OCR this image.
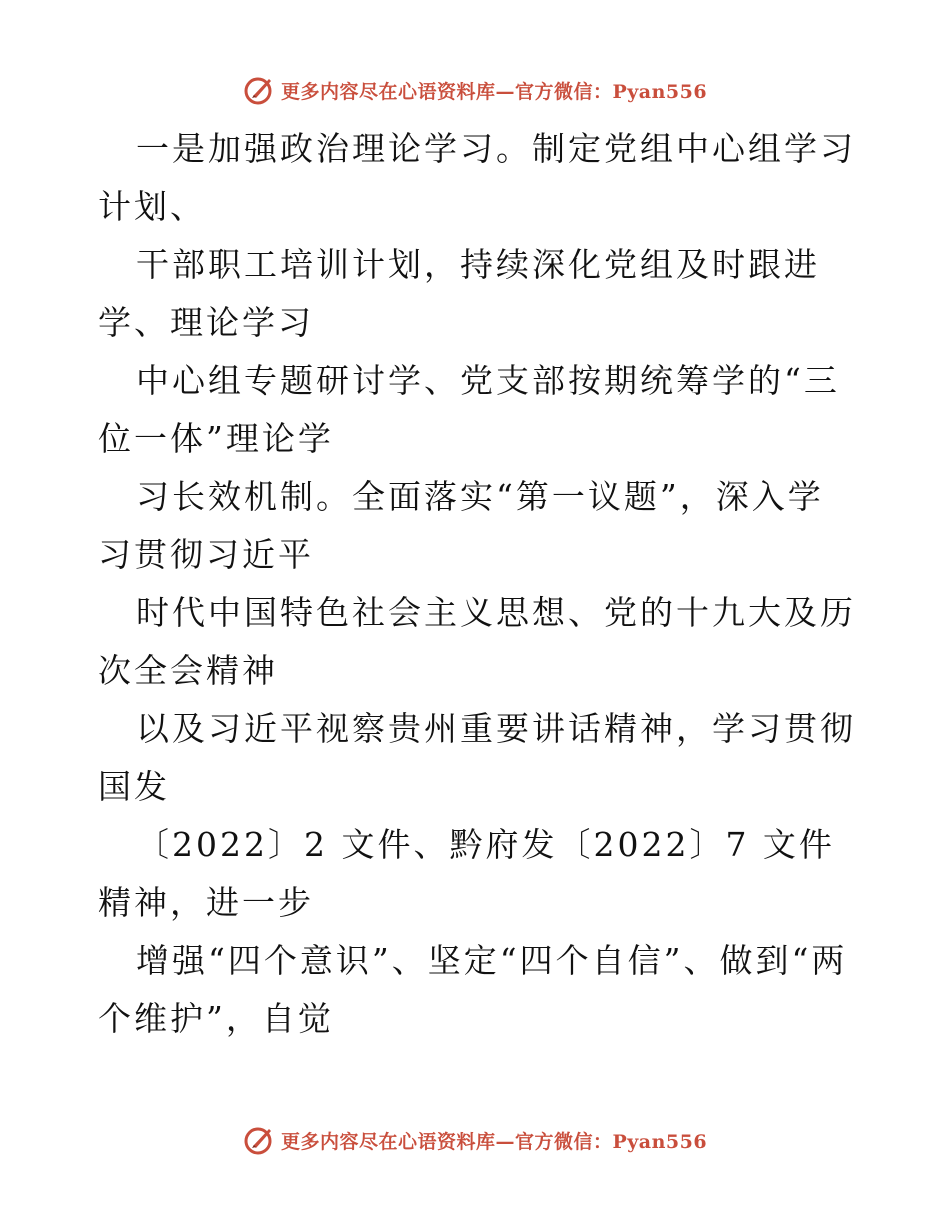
更多内容尽在心语资料库—官方微信：Pyan556

一是加强政治理论学习。制定党组中心组学习计划、

干部职工培训计划，持续深化党组及时跟进学、理论学习

中心组专题研讨学、党支部按期统筹学的“三位一体”理论学

习长效机制。全面落实“第一议题”，深入学习贯彻习近平

时代中国特色社会主义思想、党的十九大及历次全会精神

以及习近平视察贵州重要讲话精神，学习贯彻国发

〔2022〕2 文件、黔府发〔2022〕7 文件精神，进一步

增强“四个意识”、坚定“四个自信”、做到“两个维护”，自觉

更多内容尽在心语资料库—官方微信：Pyan556
